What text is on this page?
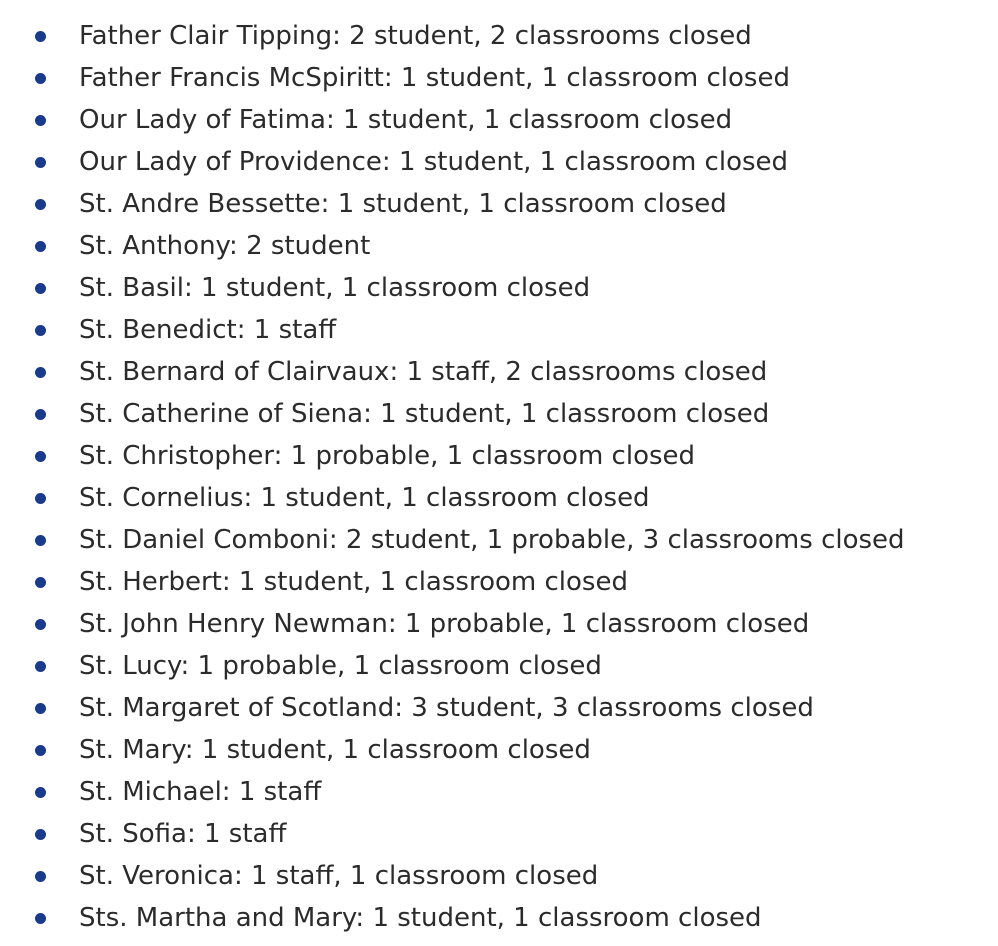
Father Clair Tipping: 2 student, 2 classrooms closed
Father Francis McSpiritt: 1 student, 1 classroom closed
Our Lady of Fatima: 1 student, 1 classroom closed
Our Lady of Providence: 1 student, 1 classroom closed
St. Andre Bessette: 1 student, 1 classroom closed
St. Anthony: 2 student
St. Basil: 1 student, 1 classroom closed
St. Benedict: 1 staff
St. Bernard of Clairvaux: 1 staff, 2 classrooms closed
St. Catherine of Siena: 1 student, 1 classroom closed
St. Christopher: 1 probable, 1 classroom closed
St. Cornelius: 1 student, 1 classroom closed
St. Daniel Comboni: 2 student, 1 probable, 3 classrooms closed
St. Herbert: 1 student, 1 classroom closed
St. John Henry Newman: 1 probable, 1 classroom closed
St. Lucy: 1 probable, 1 classroom closed
St. Margaret of Scotland: 3 student, 3 classrooms closed
St. Mary: 1 student, 1 classroom closed
St. Michael: 1 staff
St. Sofia: 1 staff
St. Veronica: 1 staff, 1 classroom closed
Sts. Martha and Mary: 1 student, 1 classroom closed
